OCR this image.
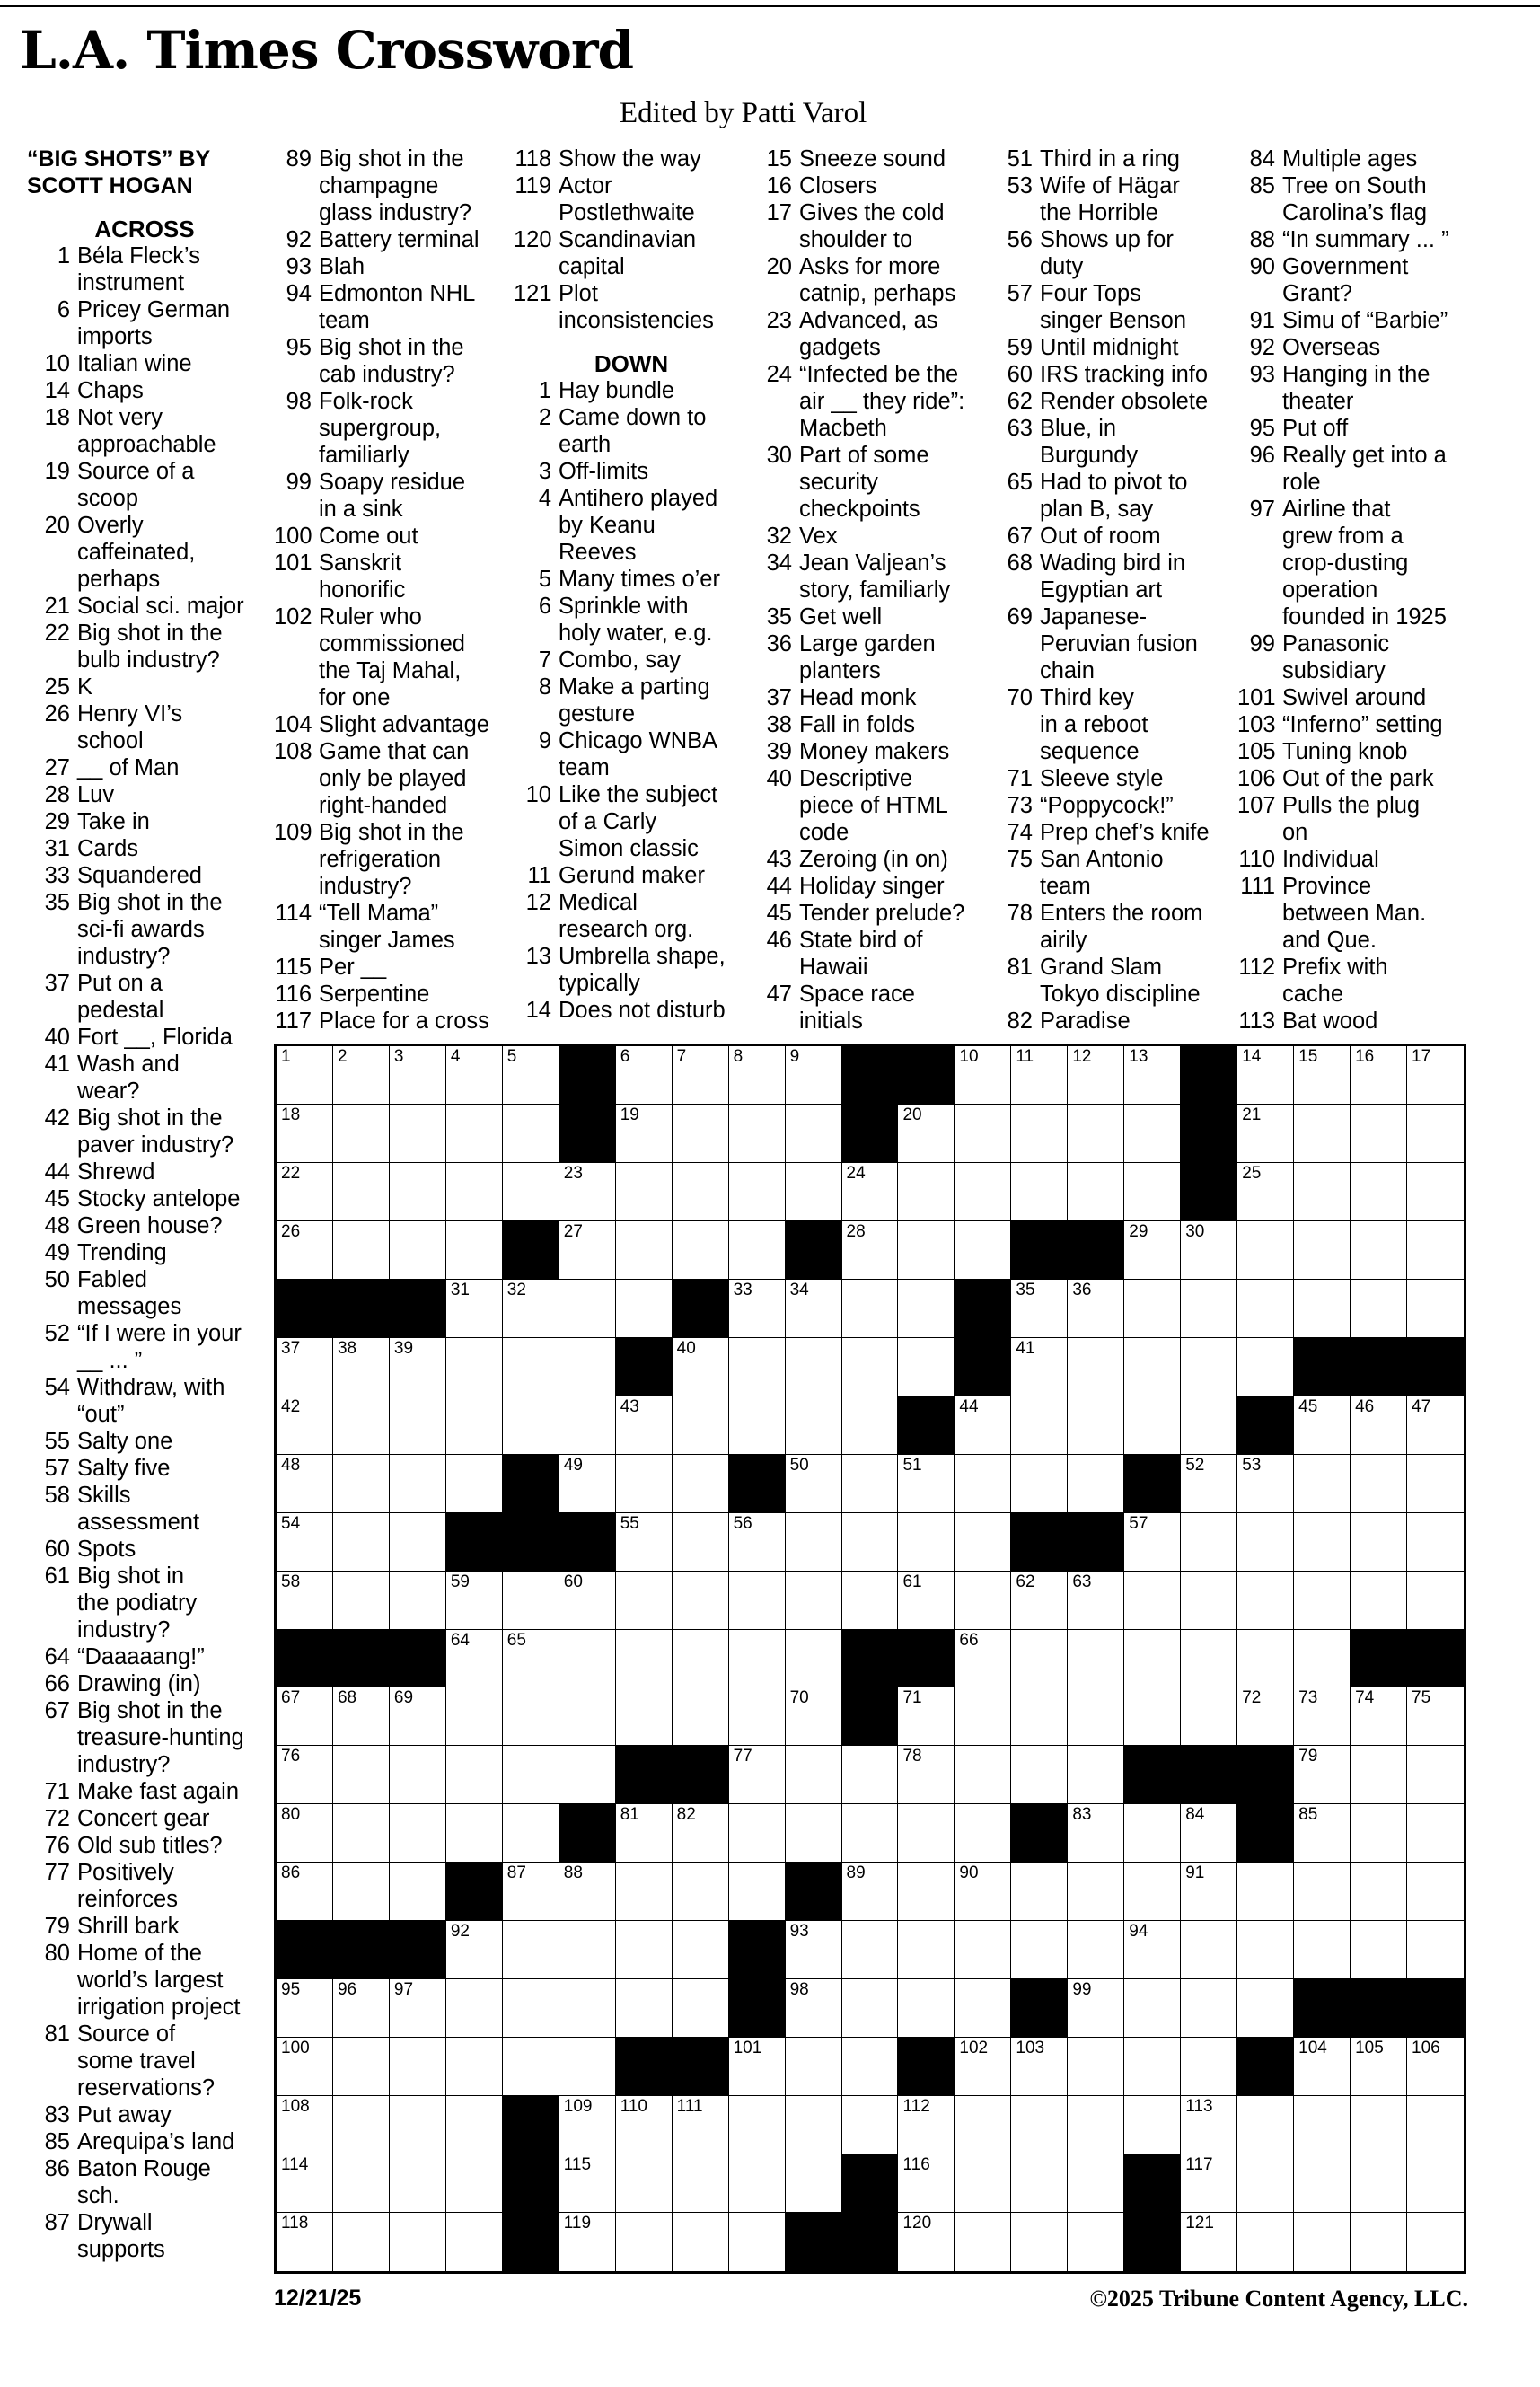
L.A. Times Crossword
Edited by Patti Varol
“BIG SHOTS” BY
SCOTT HOGAN
ACROSS
1 Béla Fleck’s
instrument
6 Pricey German
imports
10 Italian wine
14 Chaps
18 Not very
approachable
19 Source of a
scoop
20 Overly
caffeinated,
perhaps
21 Social sci. major
22 Big shot in the
bulb industry?
25 K
26 Henry VI’s
school
27 __ of Man
28 Luv
29 Take in
31 Cards
33 Squandered
35 Big shot in the
sci-fi awards
industry?
37 Put on a
pedestal
40 Fort __, Florida
41 Wash and
wear?
42 Big shot in the
paver industry?
44 Shrewd
45 Stocky antelope
48 Green house?
49 Trending
50 Fabled
messages
52 “If I were in your
__ ... ”
54 Withdraw, with
“out”
55 Salty one
57 Salty five
58 Skills
assessment
60 Spots
61 Big shot in
the podiatry
industry?
64 “Daaaaang!”
66 Drawing (in)
67 Big shot in the
treasure-hunting
industry?
71 Make fast again
72 Concert gear
76 Old sub titles?
77 Positively
reinforces
79 Shrill bark
80 Home of the
world’s largest
irrigation project
81 Source of
some travel
reservations?
83 Put away
85 Arequipa’s land
86 Baton Rouge
sch.
87 Drywall
supports
89 Big shot in the
champagne
glass industry?
92 Battery terminal
93 Blah
94 Edmonton NHL
team
95 Big shot in the
cab industry?
98 Folk-rock
supergroup,
familiarly
99 Soapy residue
in a sink
100 Come out
101 Sanskrit
honorific
102 Ruler who
commissioned
the Taj Mahal,
for one
104 Slight advantage
108 Game that can
only be played
right-handed
109 Big shot in the
refrigeration
industry?
114 “Tell Mama”
singer James
115 Per __
116 Serpentine
117 Place for a cross
118 Show the way
119 Actor
Postlethwaite
120 Scandinavian
capital
121 Plot
inconsistencies
DOWN
1 Hay bundle
2 Came down to
earth
3 Off-limits
4 Antihero played
by Keanu
Reeves
5 Many times o’er
6 Sprinkle with
holy water, e.g.
7 Combo, say
8 Make a parting
gesture
9 Chicago WNBA
team
10 Like the subject
of a Carly
Simon classic
11 Gerund maker
12 Medical
research org.
13 Umbrella shape,
typically
14 Does not disturb
15 Sneeze sound
16 Closers
17 Gives the cold
shoulder to
20 Asks for more
catnip, perhaps
23 Advanced, as
gadgets
24 “Infected be the
air __ they ride”:
Macbeth
30 Part of some
security
checkpoints
32 Vex
34 Jean Valjean’s
story, familiarly
35 Get well
36 Large garden
planters
37 Head monk
38 Fall in folds
39 Money makers
40 Descriptive
piece of HTML
code
43 Zeroing (in on)
44 Holiday singer
45 Tender prelude?
46 State bird of
Hawaii
47 Space race
initials
51 Third in a ring
53 Wife of Hägar
the Horrible
56 Shows up for
duty
57 Four Tops
singer Benson
59 Until midnight
60 IRS tracking info
62 Render obsolete
63 Blue, in
Burgundy
65 Had to pivot to
plan B, say
67 Out of room
68 Wading bird in
Egyptian art
69 Japanese-
Peruvian fusion
chain
70 Third key
in a reboot
sequence
71 Sleeve style
73 “Poppycock!”
74 Prep chef’s knife
75 San Antonio
team
78 Enters the room
airily
81 Grand Slam
Tokyo discipline
82 Paradise
84 Multiple ages
85 Tree on South
Carolina’s flag
88 “In summary ... ”
90 Government
Grant?
91 Simu of “Barbie”
92 Overseas
93 Hanging in the
theater
95 Put off
96 Really get into a
role
97 Airline that
grew from a
crop-dusting
operation
founded in 1925
99 Panasonic
subsidiary
101 Swivel around
103 “Inferno” setting
105 Tuning knob
106 Out of the park
107 Pulls the plug
on
110 Individual
111 Province
between Man.
and Que.
112 Prefix with
cache
113 Bat wood
1	2	3	4	5	6	7	8	9	10 11 12 13	14 15 16 17
18	19	20	21
22	23	24	25
26	27	28	29 30
31 32	33 34	35 36
37 38 39	40	41
42	43	44	45 46 47
48	49	50	51	52 53
54	55	56	57
58	59	60	61	62 63
64 65	66
67 68 69	70	71	72 73 74 75
76	77	78	79
80	81 82	83	84	85
86	87 88	89	90	91
92	93	94
95 96 97	98	99
100	101	102 103	104 105 106
108	109 110 111	112	113
114	115	116	117
118	119	120	121
12/21/25	©2025 Tribune Content Agency, LLC.
